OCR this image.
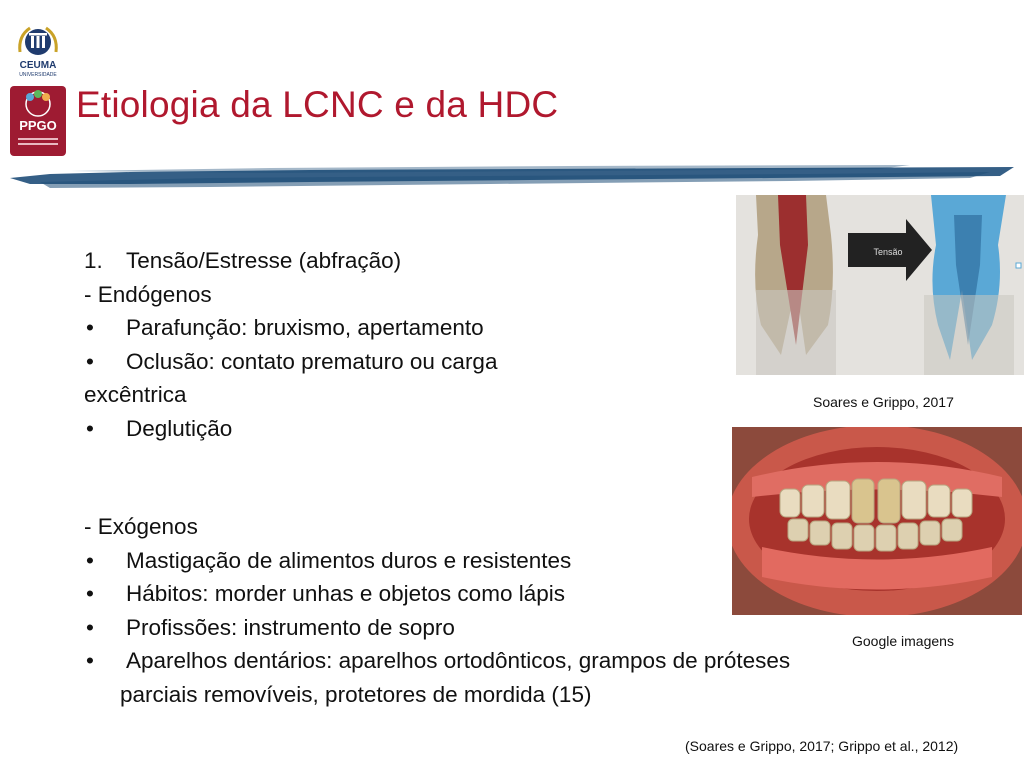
CEUMA
UNIVERSIDADE
PPGO
Etiologia da LCNC e da HDC
1. Tensão/Estresse (abfração)
- Endógenos
• Parafunção: bruxismo, apertamento
• Oclusão: contato prematuro ou carga
excêntrica
• Deglutição
- Exógenos
• Mastigação de alimentos duros e resistentes
• Hábitos: morder unhas e objetos como lápis
• Profissões: instrumento de sopro
• Aparelhos dentários: aparelhos ortodônticos, grampos de próteses
parciais removíveis, protetores de mordida (15)
Tensão
Soares e Grippo, 2017
Google imagens
(Soares e Grippo, 2017; Grippo et al., 2012)
